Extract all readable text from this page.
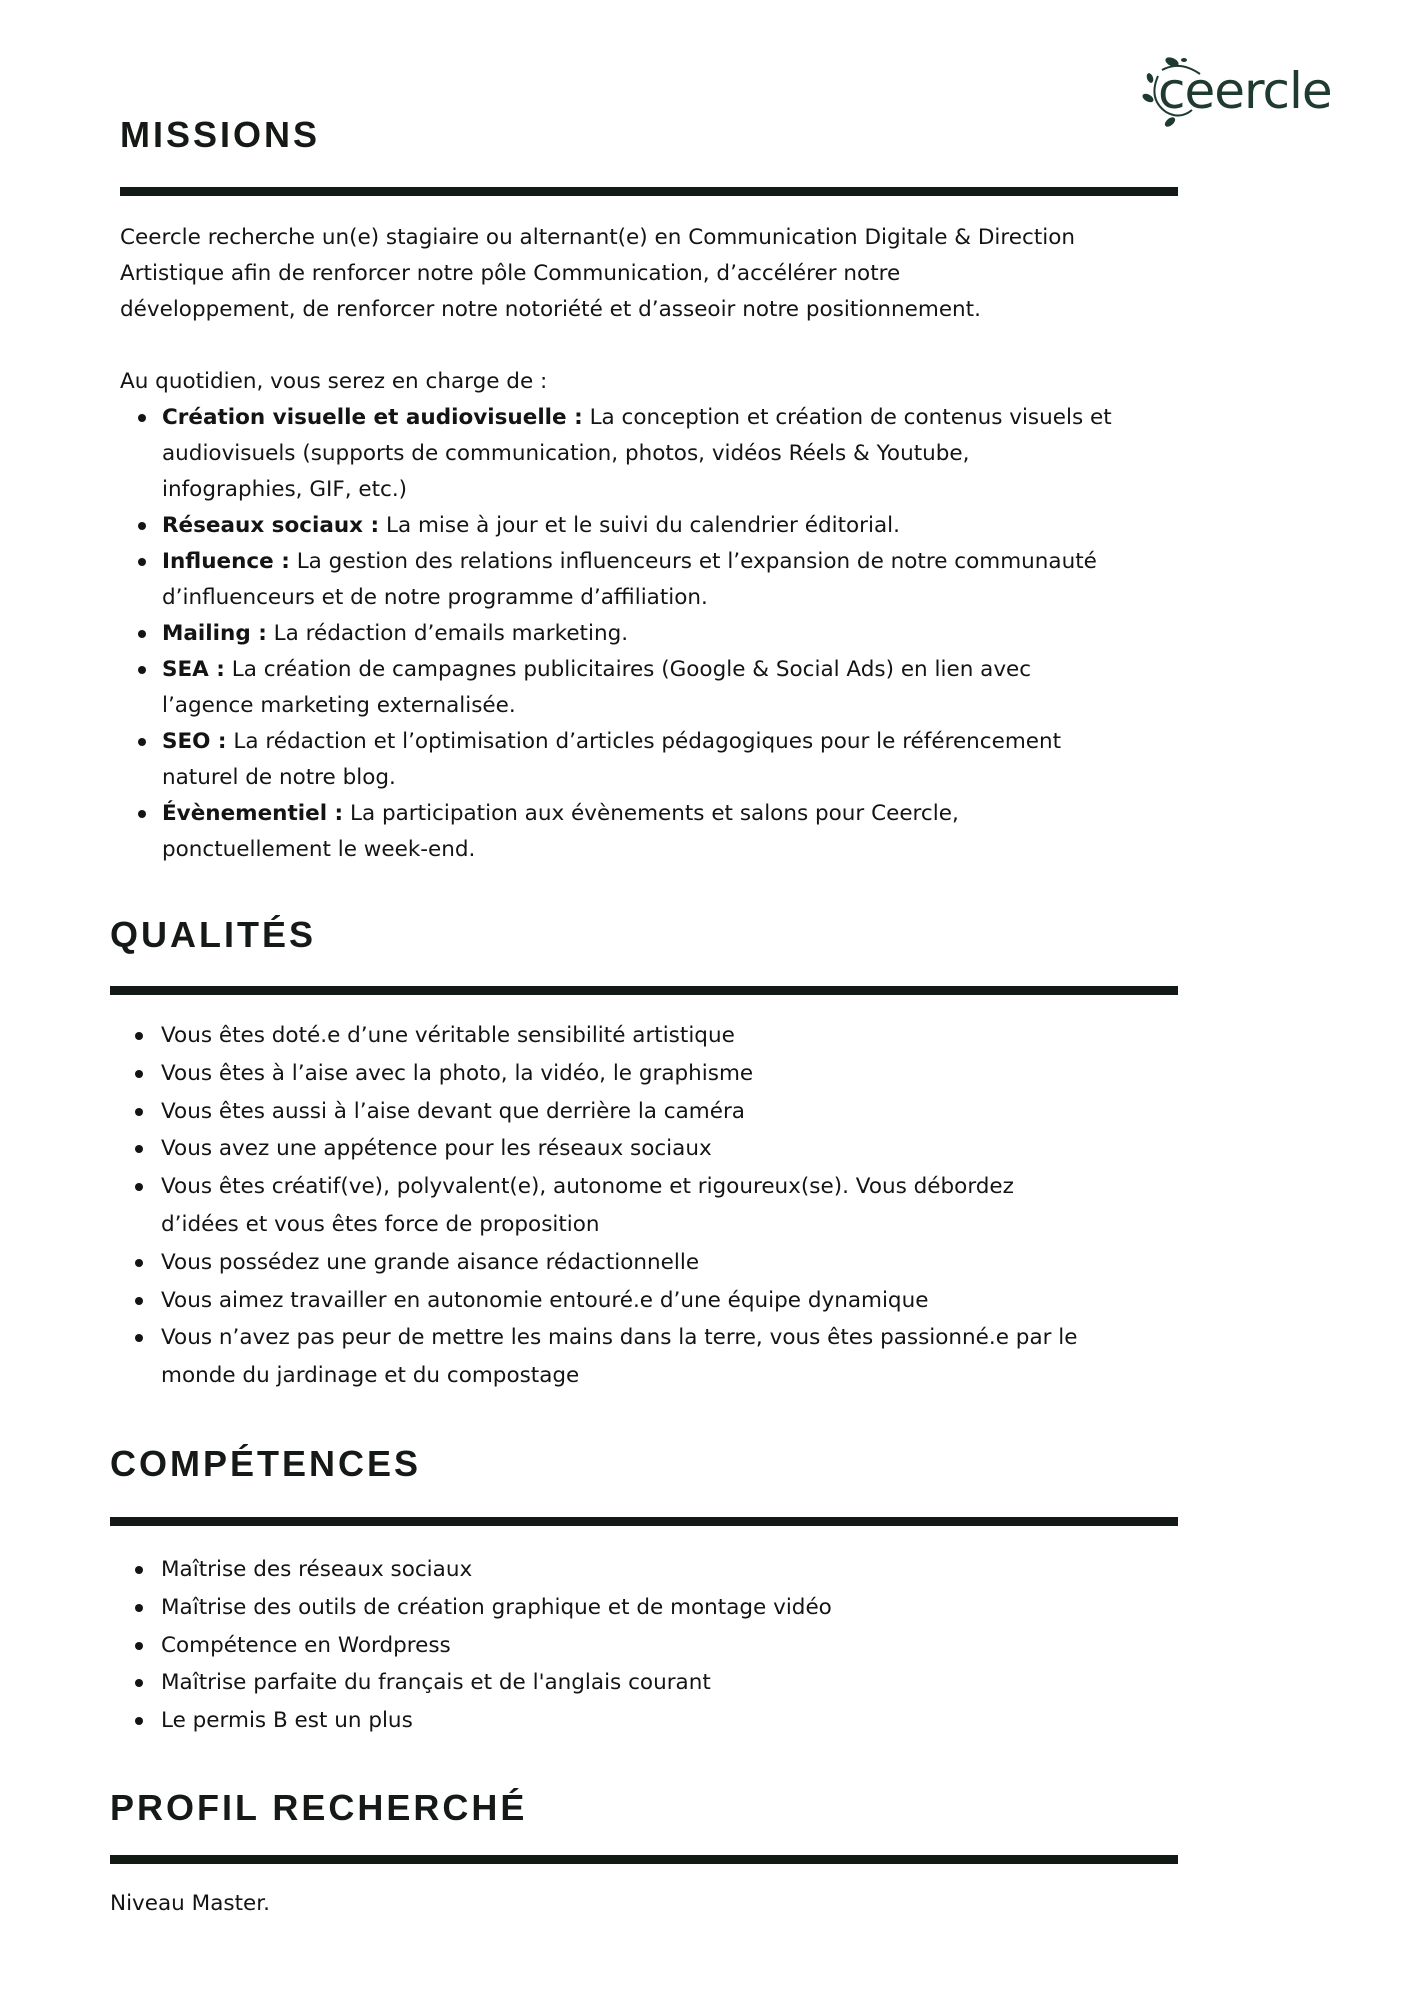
ceercle
MISSIONS
Ceercle recherche un(e) stagiaire ou alternant(e) en Communication Digitale & Direction
Artistique afin de renforcer notre pôle Communication, d’accélérer notre
développement, de renforcer notre notoriété et d’asseoir notre positionnement.
Au quotidien, vous serez en charge de :
Création visuelle et audiovisuelle : La conception et création de contenus visuels et
audiovisuels (supports de communication, photos, vidéos Réels & Youtube,
infographies, GIF, etc.)
Réseaux sociaux : La mise à jour et le suivi du calendrier éditorial.
Influence : La gestion des relations influenceurs et l’expansion de notre communauté
d’influenceurs et de notre programme d’affiliation.
Mailing : La rédaction d’emails marketing.
SEA : La création de campagnes publicitaires (Google & Social Ads) en lien avec
l’agence marketing externalisée.
SEO : La rédaction et l’optimisation d’articles pédagogiques pour le référencement
naturel de notre blog.
Évènementiel : La participation aux évènements et salons pour Ceercle,
ponctuellement le week-end.
QUALITÉS
Vous êtes doté.e d’une véritable sensibilité artistique
Vous êtes à l’aise avec la photo, la vidéo, le graphisme
Vous êtes aussi à l’aise devant que derrière la caméra
Vous avez une appétence pour les réseaux sociaux
Vous êtes créatif(ve), polyvalent(e), autonome et rigoureux(se). Vous débordez
d’idées et vous êtes force de proposition
Vous possédez une grande aisance rédactionnelle
Vous aimez travailler en autonomie entouré.e d’une équipe dynamique
Vous n’avez pas peur de mettre les mains dans la terre, vous êtes passionné.e par le
monde du jardinage et du compostage
COMPÉTENCES
Maîtrise des réseaux sociaux
Maîtrise des outils de création graphique et de montage vidéo
Compétence en Wordpress
Maîtrise parfaite du français et de l'anglais courant
Le permis B est un plus
PROFIL RECHERCHÉ
Niveau Master.
